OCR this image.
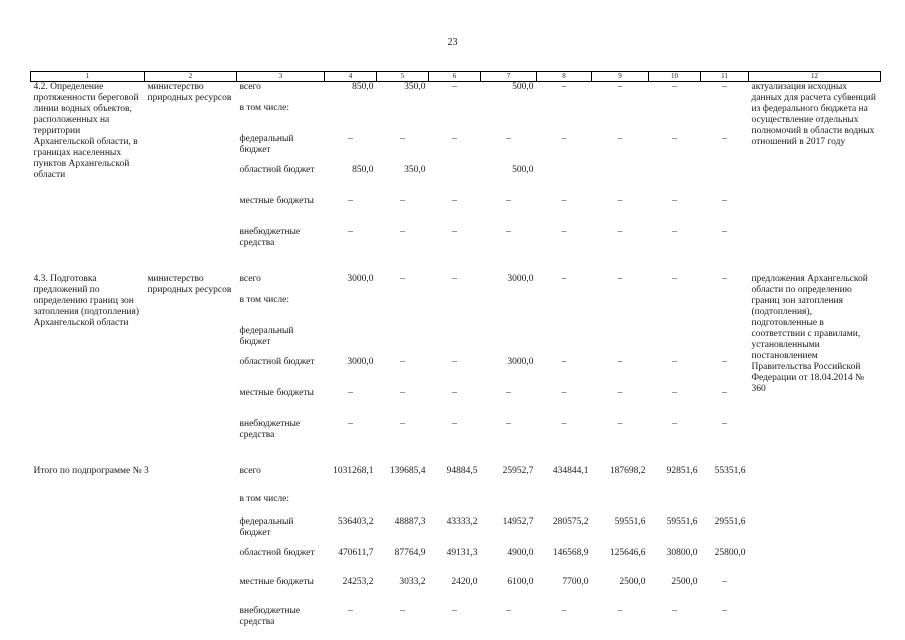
23
1	2	3	4	5	6	7	8	9	10	11	12
4.2. Определение протяженности береговой линии водных объектов, расположенных на территории Архангельской области, в границах населенных пунктов Архангельской области	министерство природных ресурсов	всего	850,0	350,0	–	500,0	–	–	–	–	актуализация исходных данных для расчета субвенций из федерального бюджета на осуществление отдельных полномочий в области водных отношений в 2017 году
		в том числе:									
		федеральный бюджет	–	–	–	–	–	–	–	–	
		областной бюджет	850,0	350,0		500,0					
		местные бюджеты	–	–	–	–	–	–	–	–	
		внебюджетные средства	–	–	–	–	–	–	–	–	

4.3. Подготовка предложений по определению границ зон затопления (подтопления) Архангельской области	министерство природных ресурсов	всего	3000,0	–	–	3000,0	–	–	–	–	предложения Архангельской области по определению границ зон затопления (подтопления), подготовленные в соответствии с правилами, установленными постановлением Правительства Российской Федерации от 18.04.2014 № 360
		в том числе:									
		федеральный бюджет									
		областной бюджет	3000,0	–	–	3000,0	–	–	–	–	
		местные бюджеты	–	–	–	–	–	–	–	–	
		внебюджетные средства	–	–	–	–	–	–	–	–	

Итого по подпрограмме № 3		всего	1031268,1	139685,4	94884,5	25952,7	434844,1	187698,2	92851,6	55351,6	
		в том числе:									
		федеральный бюджет	536403,2	48887,3	43333,2	14952,7	280575,2	59551,6	59551,6	29551,6	
		областной бюджет	470611,7	87764,9	49131,3	4900,0	146568,9	125646,6	30800,0	25800,0	
		местные бюджеты	24253,2	3033,2	2420,0	6100,0	7700,0	2500,0	2500,0	–	
		внебюджетные средства	–	–	–	–	–	–	–	–	
